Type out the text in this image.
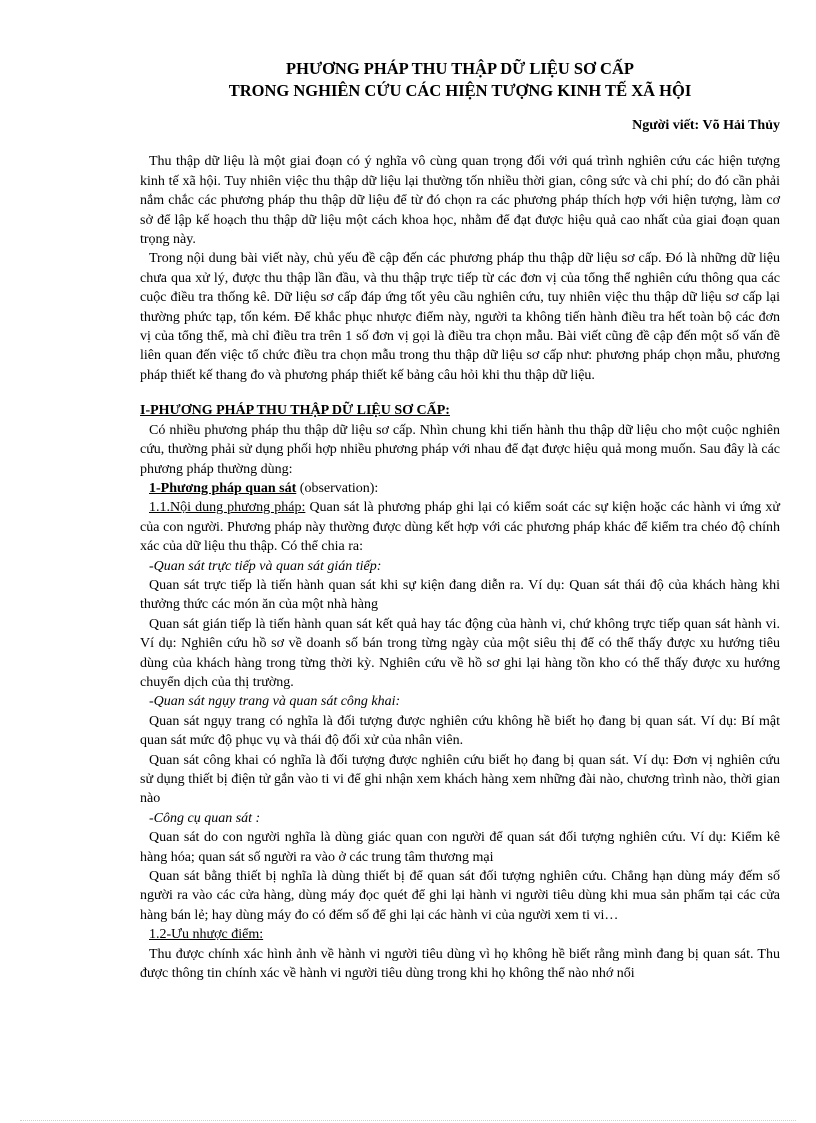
PHƯƠNG PHÁP THU THẬP DỮ LIỆU SƠ CẤP

TRONG NGHIÊN CỨU CÁC HIỆN TƯỢNG KINH TẾ XÃ HỘI

Người viết: Võ Hải Thủy

Thu thập dữ liệu là một giai đoạn có ý nghĩa vô cùng quan trọng đối với quá trình nghiên cứu các hiện tượng kinh tế xã hội. Tuy nhiên việc thu thập dữ liệu lại thường tốn nhiều thời gian, công sức và chi phí; do đó cần phải nắm chắc các phương pháp thu thập dữ liệu để từ đó chọn ra các phương pháp thích hợp với hiện tượng, làm cơ sở để lập kế hoạch thu thập dữ liệu một cách khoa học, nhằm để đạt được hiệu quả cao nhất của giai đoạn quan trọng này.

Trong nội dung bài viết này, chủ yếu đề cập đến các phương pháp thu thập dữ liệu sơ cấp. Đó là những dữ liệu chưa qua xử lý, được thu thập lần đầu, và thu thập trực tiếp từ các đơn vị của tổng thể nghiên cứu thông qua các cuộc điều tra thống kê. Dữ liệu sơ cấp đáp ứng tốt yêu cầu nghiên cứu, tuy nhiên việc thu thập dữ liệu sơ cấp lại thường phức tạp, tốn kém. Để khắc phục nhược điểm này, người ta không tiến hành điều tra hết toàn bộ các đơn vị của tổng thể, mà chỉ điều tra trên 1 số đơn vị gọi là điều tra chọn mẫu. Bài viết cũng đề cập đến một số vấn đề liên quan đến việc tổ chức điều tra chọn mẫu trong thu thập dữ liệu sơ cấp như: phương pháp chọn mẫu, phương pháp thiết kế thang đo và phương pháp thiết kế bảng câu hỏi khi thu thập dữ liệu.

I-PHƯƠNG PHÁP THU THẬP DỮ LIỆU SƠ CẤP:

Có nhiều phương pháp thu thập dữ liệu sơ cấp. Nhìn chung khi tiến hành thu thập dữ liệu cho một cuộc nghiên cứu, thường phải sử dụng phối hợp nhiều phương pháp với nhau để đạt được hiệu quả mong muốn. Sau đây là các phương pháp thường dùng:

1-Phương pháp quan sát (observation):

1.1.Nội dung phương pháp: Quan sát là phương pháp ghi lại có kiểm soát các sự kiện hoặc các hành vi ứng xử của con người. Phương pháp này thường được dùng kết hợp với các phương pháp khác để kiểm tra chéo độ chính xác của dữ liệu thu thập. Có thể chia ra:

-Quan sát trực tiếp và quan sát gián tiếp:

Quan sát trực tiếp là tiến hành quan sát khi sự kiện đang diễn ra. Ví dụ: Quan sát thái độ của khách hàng khi thưởng thức các món ăn của một nhà hàng

Quan sát gián tiếp là tiến hành quan sát kết quả hay tác động của hành vi, chứ không trực tiếp quan sát hành vi. Ví dụ: Nghiên cứu hồ sơ về doanh số bán trong từng ngày của một siêu thị để có thể thấy được xu hướng tiêu dùng của khách hàng trong từng thời kỳ. Nghiên cứu về hồ sơ ghi lại hàng tồn kho có thể thấy được xu hướng chuyển dịch của thị trường.

-Quan sát ngụy trang và quan sát công khai:

Quan sát ngụy trang có nghĩa là đối tượng được nghiên cứu không hề biết họ đang bị quan sát. Ví dụ: Bí mật quan sát mức độ phục vụ và thái độ đối xử của nhân viên.

Quan sát công khai có nghĩa là đối tượng được nghiên cứu biết họ đang bị quan sát. Ví dụ: Đơn vị nghiên cứu sử dụng thiết bị điện tử gắn vào ti vi để ghi nhận xem khách hàng xem những đài nào, chương trình nào, thời gian nào

-Công cụ quan sát :

Quan sát do con người nghĩa là dùng giác quan con người để quan sát đối tượng nghiên cứu. Ví dụ: Kiểm kê hàng hóa; quan sát số người ra vào ở các trung tâm thương mại

Quan sát bằng thiết bị nghĩa là dùng thiết bị để quan sát đối tượng nghiên cứu. Chẳng hạn dùng máy đếm số người ra vào các cửa hàng, dùng máy đọc quét để ghi lại hành vi người tiêu dùng khi mua sản phẩm tại các cửa hàng bán lẻ; hay dùng máy đo có đếm số để ghi lại các hành vi của người xem ti vi…

1.2-Ưu nhược điểm:

Thu được chính xác hình ảnh về hành vi người tiêu dùng vì họ không hề biết rằng mình đang bị quan sát. Thu được thông tin chính xác về hành vi người tiêu dùng trong khi họ không thể nào nhớ nổi
